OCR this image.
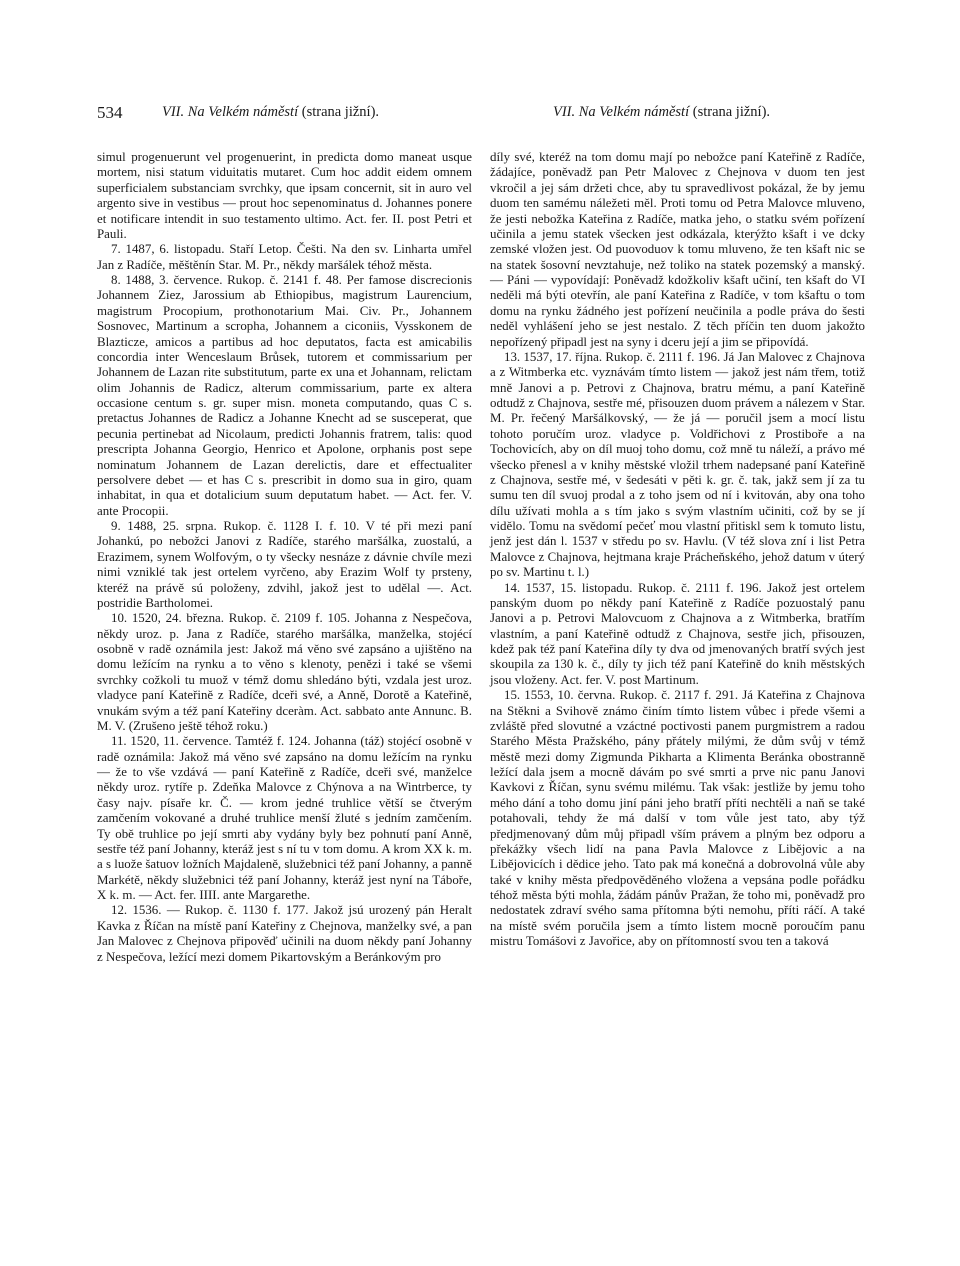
534	VII. Na Velkém náměstí (strana jižní).	VII. Na Velkém náměstí (strana jižní).

simul progenuerunt vel progenuerint, in predicta domo maneat usque mortem, nisi statum viduitatis mutaret. Cum hoc addit eidem omnem superficialem substanciam svrchky, que ipsam concernit, sit in auro vel argento sive in vestibus — prout hoc sepenominatus d. Johannes ponere et notificare intendit in suo testamento ultimo. Act. fer. II. post Petri et Pauli.

7. 1487, 6. listopadu. Staří Letop. Češti. Na den sv. Linharta umřel Jan z Radíče, měštěnín Star. M. Pr., někdy maršálek téhož města.

8. 1488, 3. července. Rukop. č. 2141 f. 48. Per famose discrecionis Johannem Ziez, Jarossium ab Ethiopibus, magistrum Laurencium, magistrum Procopium, prothonotarium Mai. Civ. Pr., Johannem Sosnovec, Martinum a scropha, Johannem a ciconiis, Vysskonem de Blazticze, amicos a partibus ad hoc deputatos, facta est amicabilis concordia inter Wenceslaum Brůsek, tutorem et commissarium per Johannem de Lazan rite substitutum, parte ex una et Johannam, relictam olim Johannis de Radicz, alterum commissarium, parte ex altera occasione centum s. gr. super misn. moneta computando, quas C s. pretactus Johannes de Radicz a Johanne Knecht ad se susceperat, que pecunia pertinebat ad Nicolaum, predicti Johannis fratrem, talis: quod prescripta Johanna Georgio, Henrico et Apolone, orphanis post sepe nominatum Johannem de Lazan derelictis, dare et effectualiter persolvere debet — et has C s. prescribit in domo sua in giro, quam inhabitat, in qua et dotalicium suum deputatum habet. — Act. fer. V. ante Procopii.

9. 1488, 25. srpna. Rukop. č. 1128 I. f. 10. V té při mezi paní Johankú, po nebožci Janovi z Radíče, starého maršálka, zuostalú, a Erazimem, synem Wolfovým, o ty všecky nesnáze z dávnie chvíle mezi nimi vzniklé tak jest ortelem vyrčeno, aby Erazim Wolf ty prsteny, kteréž na právě sú položeny, zdvihl, jakož jest to udělal —. Act. postridie Bartholomei.

10. 1520, 24. března. Rukop. č. 2109 f. 105. Johanna z Nespečova, někdy uroz. p. Jana z Radíče, starého maršálka, manželka, stojécí osobně v radě oznámila jest: Jakož má věno své zapsáno a ujištěno na domu ležícím na rynku a to věno s klenoty, penězi i také se všemi svrchky cožkoli tu muož v témž domu shledáno býti, vzdala jest uroz. vladyce paní Kateřině z Radíče, dceři své, a Anně, Dorotě a Kateřině, vnukám svým a též paní Kateřiny dceràm. Act. sabbato ante Annunc. B. M. V. (Zrušeno ještě téhož roku.)

11. 1520, 11. července. Tamtéž f. 124. Johanna (táž) stojécí osobně v radě oznámila: Jakož má věno své zapsáno na domu ležícím na rynku — že to vše vzdává — paní Kateřině z Radíče, dceři své, manželce někdy uroz. rytíře p. Zdeňka Malovce z Chýnova a na Wintrberce, ty časy najv. písaře kr. Č. — krom jedné truhlice větší se čtverým zamčením vokované a druhé truhlice menší žluté s jedním zamčením. Ty obě truhlice po její smrti aby vydány byly bez pohnutí paní Anně, sestře též paní Johanny, kteráž jest s ní tu v tom domu. A krom XX k. m. a s luože šatuov ložních Majdaleně, služebnici též paní Johanny, a panně Markétě, někdy služebnici též paní Johanny, kteráž jest nyní na Táboře, X k. m. — Act. fer. IIII. ante Margarethe.

12. 1536. — Rukop. č. 1130 f. 177. Jakož jsú urozený pán Heralt Kavka z Říčan na místě paní Kateřiny z Chejnova, manželky své, a pan Jan Malovec z Chejnova připověď učinili na duom někdy paní Johanny z Nespečova, ležící mezi domem Pikartovským a Beránkovým pro

díly své, kteréž na tom domu mají po nebožce paní Kateřině z Radíče, žádajíce, poněvadž pan Petr Malovec z Chejnova v duom ten jest vkročil a jej sám držeti chce, aby tu spravedlivost pokázal, že by jemu duom ten samému náležeti měl. Proti tomu od Petra Malovce mluveno, že jesti nebožka Kateřina z Radíče, matka jeho, o statku svém pořízení učinila a jemu statek všecken jest odkázala, kterýžto kšaft i ve dcky zemské vložen jest. Od puovoduov k tomu mluveno, že ten kšaft nic se na statek šosovní nevztahuje, než toliko na statek pozemský a manský. — Páni — vypovídají: Poněvadž kdožkoliv kšaft učiní, ten kšaft do VI neděli má býti otevřín, ale paní Kateřina z Radíče, v tom kšaftu o tom domu na rynku žádného jest pořízení neučinila a podle práva do šesti neděl vyhlášení jeho se jest nestalo. Z těch příčin ten duom jakožto nepořízený připadl jest na syny i dceru její a jim se připovídá.

13. 1537, 17. října. Rukop. č. 2111 f. 196. Já Jan Malovec z Chajnova a z Witmberka etc. vyznávám tímto listem — jakož jest nám třem, totiž mně Janovi a p. Petrovi z Chajnova, bratru mému, a paní Kateřině odtudž z Chajnova, sestře mé, přisouzen duom právem a nálezem v Star. M. Pr. řečený Maršálkovský, — že já — poručil jsem a mocí listu tohoto poručím uroz. vladyce p. Voldřichovi z Prostiboře a na Tochovicích, aby on díl muoj toho domu, což mně tu náleží, a právo mé všecko přenesl a v knihy městské vložil trhem nadepsané paní Kateřině z Chajnova, sestře mé, v šedesáti v pěti k. gr. č. tak, jakž sem jí za tu sumu ten díl svuoj prodal a z toho jsem od ní i kvitován, aby ona toho dílu užívati mohla a s tím jako s svým vlastním učiniti, což by se jí vidělo. Tomu na svědomí pečeť mou vlastní přitiskl sem k tomuto listu, jenž jest dán l. 1537 v středu po sv. Havlu. (V též slova zní i list Petra Malovce z Chajnova, hejtmana kraje Prácheňského, jehož datum v úterý po sv. Martinu t. l.)

14. 1537, 15. listopadu. Rukop. č. 2111 f. 196. Jakož jest ortelem panským duom po někdy paní Kateřině z Radíče pozuostalý panu Janovi a p. Petrovi Malovcuom z Chajnova a z Witmberka, bratřím vlastním, a paní Kateřině odtudž z Chajnova, sestře jich, přisouzen, kdež pak též paní Kateřina díly ty dva od jmenovaných bratří svých jest skoupila za 130 k. č., díly ty jich též paní Kateřině do knih městských jsou vloženy. Act. fer. V. post Martinum.

15. 1553, 10. června. Rukop. č. 2117 f. 291. Já Kateřina z Chajnova na Stěkni a Svihově známo činím tímto listem vůbec i přede všemi a zvláště před slovutné a vzáctné poctivosti panem purgmistrem a radou Starého Města Pražského, pány přátely milými, že dům svůj v témž městě mezi domy Zigmunda Pikharta a Klimenta Beránka obostranně ležící dala jsem a mocně dávám po své smrti a prve nic panu Janovi Kavkovi z Říčan, synu svému milému. Tak však: jestliže by jemu toho mého dání a toho domu jiní páni jeho bratří příti nechtěli a naň se také potahovali, tehdy že má další v tom vůle jest tato, aby týž předjmenovaný dům můj připadl vším právem a plným bez odporu a překážky všech lidí na pana Pavla Malovce z Libějovic a na Libějovicích i dědice jeho. Tato pak má konečná a dobrovolná vůle aby také v knihy města předpověděného vložena a vepsána podle pořádku téhož města býti mohla, žádám pánův Pražan, že toho mi, poněvadž pro nedostatek zdraví svého sama přítomna býti nemohu, příti ráčí. A také na místě svém poručila jsem a tímto listem mocně poroučím panu mistru Tomášovi z Javořice, aby on přítomností svou ten a taková
